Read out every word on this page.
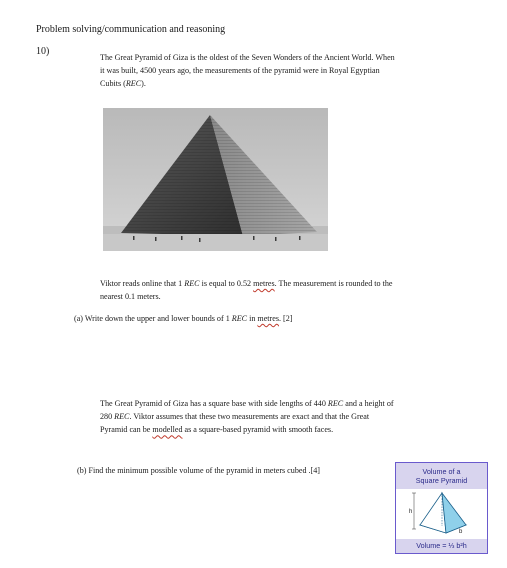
Problem solving/communication and reasoning
10)
The Great Pyramid of Giza is the oldest of the Seven Wonders of the Ancient World. When
it was built, 4500 years ago, the measurements of the pyramid were in Royal Egyptian
Cubits (REC).
Viktor reads online that 1 REC is equal to 0.52 metres. The measurement is rounded to the
nearest 0.1 meters.
(a) Write down the upper and lower bounds of 1 REC in metres. [2]
The Great Pyramid of Giza has a square base with side lengths of 440 REC and a height of
280 REC. Viktor assumes that these two measurements are exact and that the Great
Pyramid can be modelled as a square-based pyramid with smooth faces.
(b) Find the minimum possible volume of the pyramid in meters cubed .[4]	Volume of a
Square Pyramid
h
b
Volume = ⅓ b²h
